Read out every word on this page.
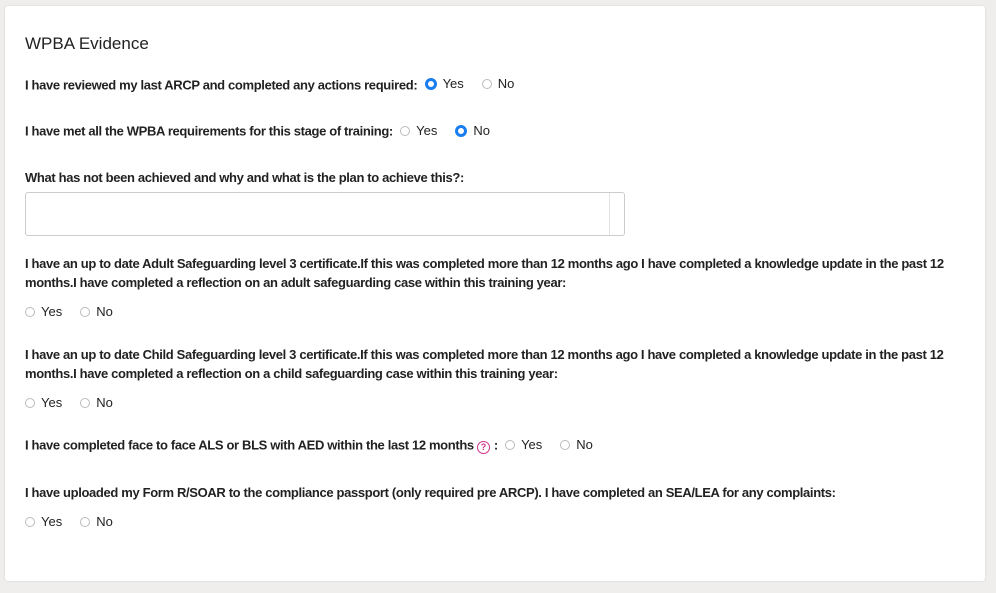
WPBA Evidence
I have reviewed my last ARCP and completed any actions required: Yes	No
I have met all the WPBA requirements for this stage of training: Yes	No
What has not been achieved and why and what is the plan to achieve this?:
I have an up to date Adult Safeguarding level 3 certificate.If this was completed more than 12 months ago I have completed a knowledge update in the past 12 months.I have completed a reflection on an adult safeguarding case within this training year:
Yes	No
I have an up to date Child Safeguarding level 3 certificate.If this was completed more than 12 months ago I have completed a knowledge update in the past 12 months.I have completed a reflection on a child safeguarding case within this training year:
Yes	No
I have completed face to face ALS or BLS with AED within the last 12 months ? : Yes	No
I have uploaded my Form R/SOAR to the compliance passport (only required pre ARCP). I have completed an SEA/LEA for any complaints:
Yes	No
